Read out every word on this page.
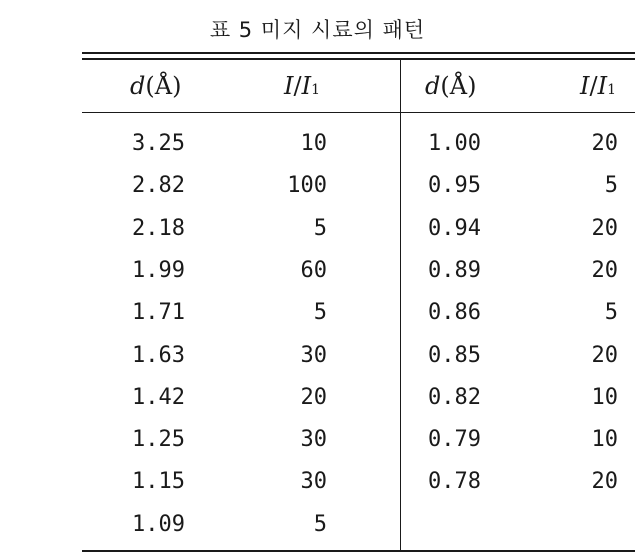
표 5 미지 시료의 패턴
d(Å)	I/I1	d(Å)	I/I1
3.25	10	1.00	20
2.82	100	0.95	5
2.18	5	0.94	20
1.99	60	0.89	20
1.71	5	0.86	5
1.63	30	0.85	20
1.42	20	0.82	10
1.25	30	0.79	10
1.15	30	0.78	20
1.09	5
